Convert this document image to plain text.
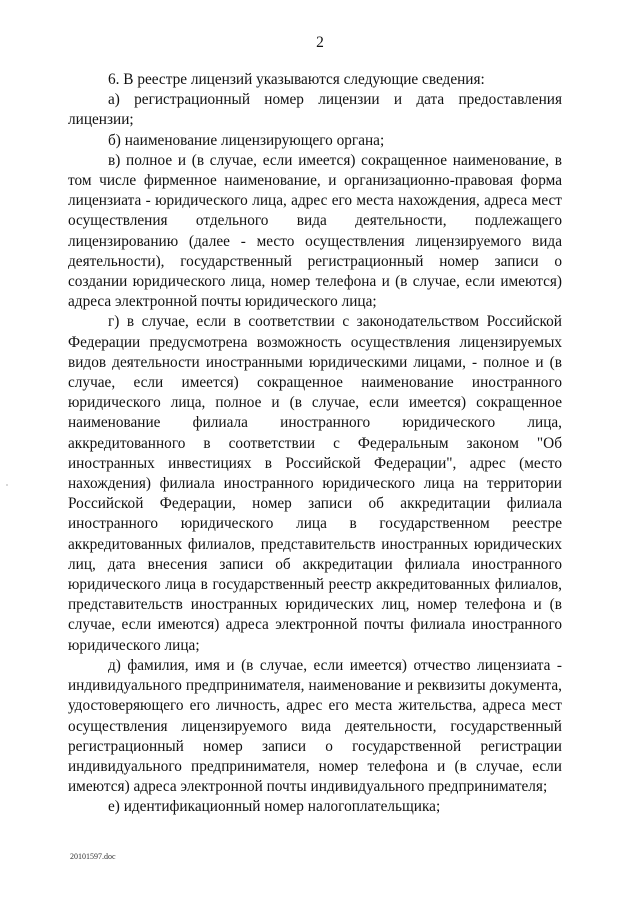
2

6. В реестре лицензий указываются следующие сведения:

а) регистрационный номер лицензии и дата предоставления лицензии;

б) наименование лицензирующего органа;

в) полное и (в случае, если имеется) сокращенное наименование, в том числе фирменное наименование, и организационно-правовая форма лицензиата - юридического лица, адрес его места нахождения, адреса мест осуществления отдельного вида деятельности, подлежащего лицензированию (далее - место осуществления лицензируемого вида деятельности), государственный регистрационный номер записи о создании юридического лица, номер телефона и (в случае, если имеются) адреса электронной почты юридического лица;

г) в случае, если в соответствии с законодательством Российской Федерации предусмотрена возможность осуществления лицензируемых видов деятельности иностранными юридическими лицами, - полное и (в случае, если имеется) сокращенное наименование иностранного юридического лица, полное и (в случае, если имеется) сокращенное наименование филиала иностранного юридического лица, аккредитованного в соответствии с Федеральным законом "Об иностранных инвестициях в Российской Федерации", адрес (место нахождения) филиала иностранного юридического лица на территории Российской Федерации, номер записи об аккредитации филиала иностранного юридического лица в государственном реестре аккредитованных филиалов, представительств иностранных юридических лиц, дата внесения записи об аккредитации филиала иностранного юридического лица в государственный реестр аккредитованных филиалов, представительств иностранных юридических лиц, номер телефона и (в случае, если имеются) адреса электронной почты филиала иностранного юридического лица;

д) фамилия, имя и (в случае, если имеется) отчество лицензиата - индивидуального предпринимателя, наименование и реквизиты документа, удостоверяющего его личность, адрес его места жительства, адреса мест осуществления лицензируемого вида деятельности, государственный регистрационный номер записи о государственной регистрации индивидуального предпринимателя, номер телефона и (в случае, если имеются) адреса электронной почты индивидуального предпринимателя;

е) идентификационный номер налогоплательщика;

20101597.doc
